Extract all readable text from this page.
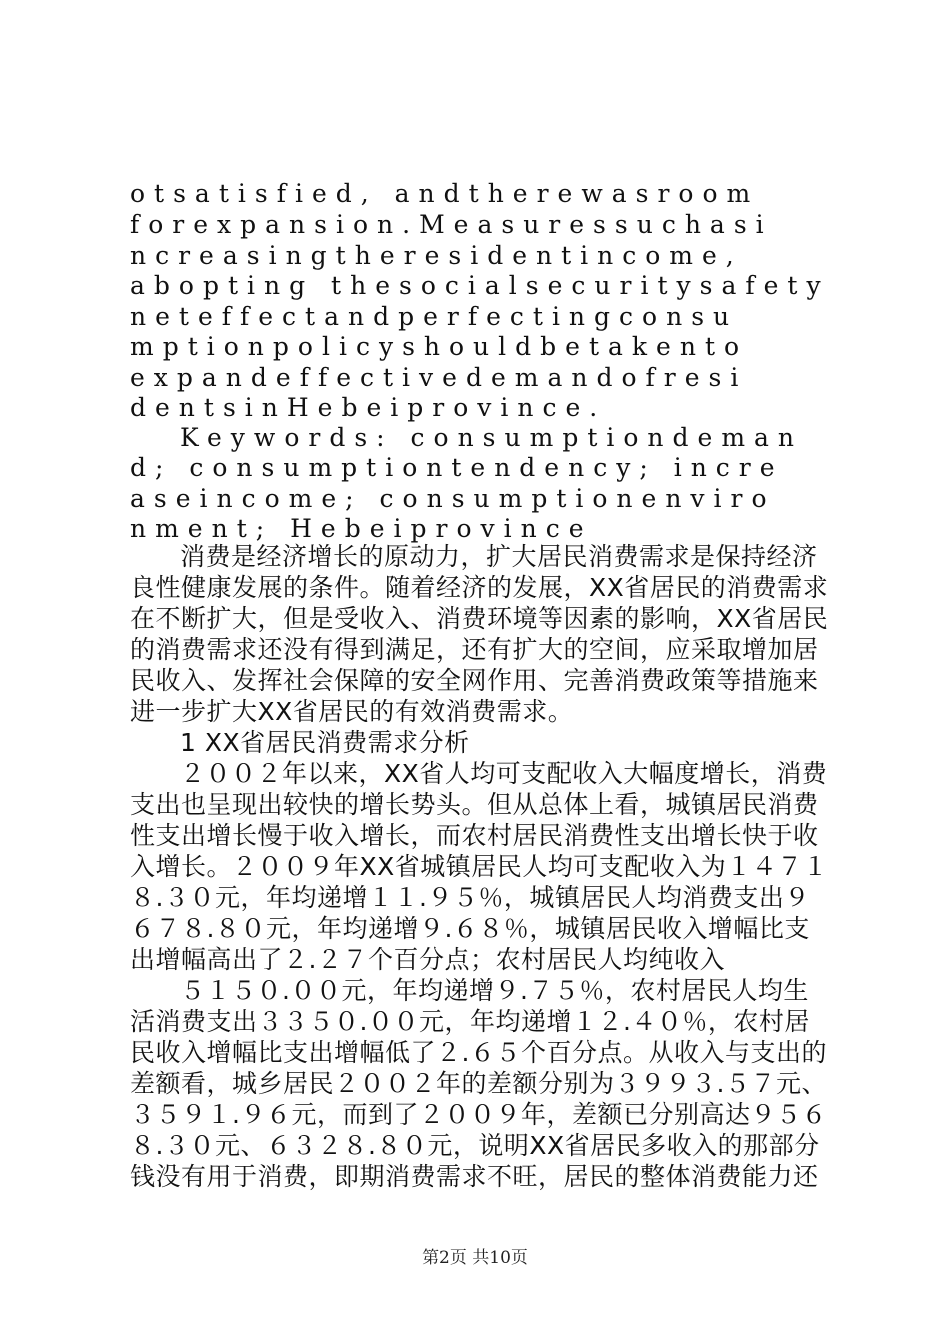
otsatisfied, andtherewasroom
forexpansion.Measuressuchasi
ncreasingtheresidentincome,
abopting thesocialsecuritysafety
neteffectandperfectingconsu
mptionpolicyshouldbetakento
expandeffectivedemandofresi
dentsinHebeiprovince.
Keywords: consumptiondeman
d; consumptiontendency; incre
aseincome; consumptionenviro
nment; Hebeiprovince
消费是经济增长的原动力，扩大居民消费需求是保持经济
良性健康发展的条件。随着经济的发展，XX省居民的消费需求
在不断扩大，但是受收入、消费环境等因素的影响，XX省居民
的消费需求还没有得到满足，还有扩大的空间，应采取增加居
民收入、发挥社会保障的安全网作用、完善消费政策等措施来
进一步扩大XX省居民的有效消费需求。
1 XX省居民消费需求分析
２００２年以来，XX省人均可支配收入大幅度增长，消费
支出也呈现出较快的增长势头。但从总体上看，城镇居民消费
性支出增长慢于收入增长，而农村居民消费性支出增长快于收
入增长。２００９年XX省城镇居民人均可支配收入为１４７１
８.３０元，年均递增１１.９５％，城镇居民人均消费支出９
６７８.８０元，年均递增９.６８％，城镇居民收入增幅比支
出增幅高出了２.２７个百分点；农村居民人均纯收入
５１５０.００元，年均递增９.７５％，农村居民人均生
活消费支出３３５０.００元，年均递增１２.４０％，农村居
民收入增幅比支出增幅低了２.６５个百分点。从收入与支出的
差额看，城乡居民２００２年的差额分别为３９９３.５７元、
３５９１.９６元，而到了２００９年，差额已分别高达９５６
８.３０元、６３２８.８０元，说明XX省居民多收入的那部分
钱没有用于消费，即期消费需求不旺，居民的整体消费能力还
第2页 共10页
